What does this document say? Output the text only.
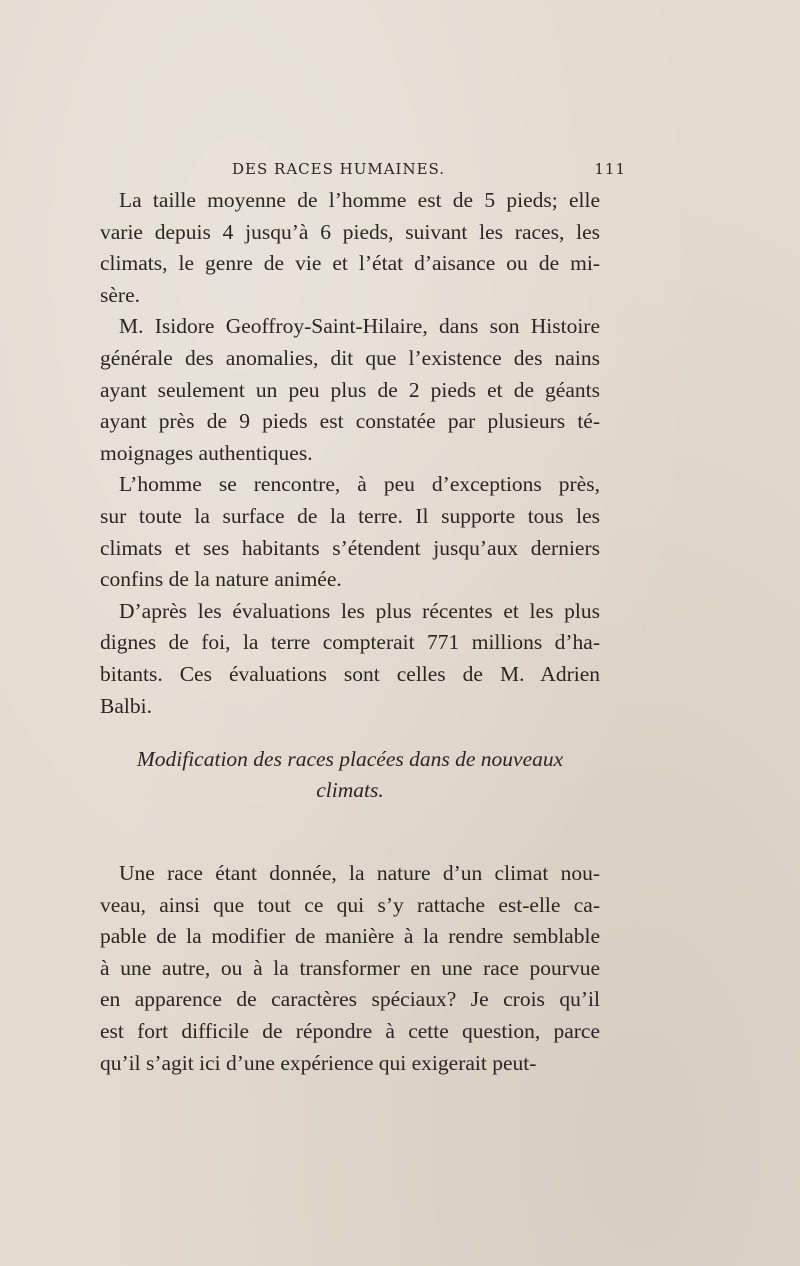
DES RACES HUMAINES.	111

La taille moyenne de l’homme est de 5 pieds; elle
varie depuis 4 jusqu’à 6 pieds, suivant les races, les
climats, le genre de vie et l’état d’aisance ou de mi-
sère.

M. Isidore Geoffroy-Saint-Hilaire, dans son Histoire
générale des anomalies, dit que l’existence des nains
ayant seulement un peu plus de 2 pieds et de géants
ayant près de 9 pieds est constatée par plusieurs té-
moignages authentiques.

L’homme se rencontre, à peu d’exceptions près,
sur toute la surface de la terre. Il supporte tous les
climats et ses habitants s’étendent jusqu’aux derniers
confins de la nature animée.

D’après les évaluations les plus récentes et les plus
dignes de foi, la terre compterait 771 millions d’ha-
bitants. Ces évaluations sont celles de M. Adrien
Balbi.

Modification des races placées dans de nouveaux
climats.

Une race étant donnée, la nature d’un climat nou-
veau, ainsi que tout ce qui s’y rattache est-elle ca-
pable de la modifier de manière à la rendre semblable
à une autre, ou à la transformer en une race pourvue
en apparence de caractères spéciaux? Je crois qu’il
est fort difficile de répondre à cette question, parce
qu’il s’agit ici d’une expérience qui exigerait peut-
